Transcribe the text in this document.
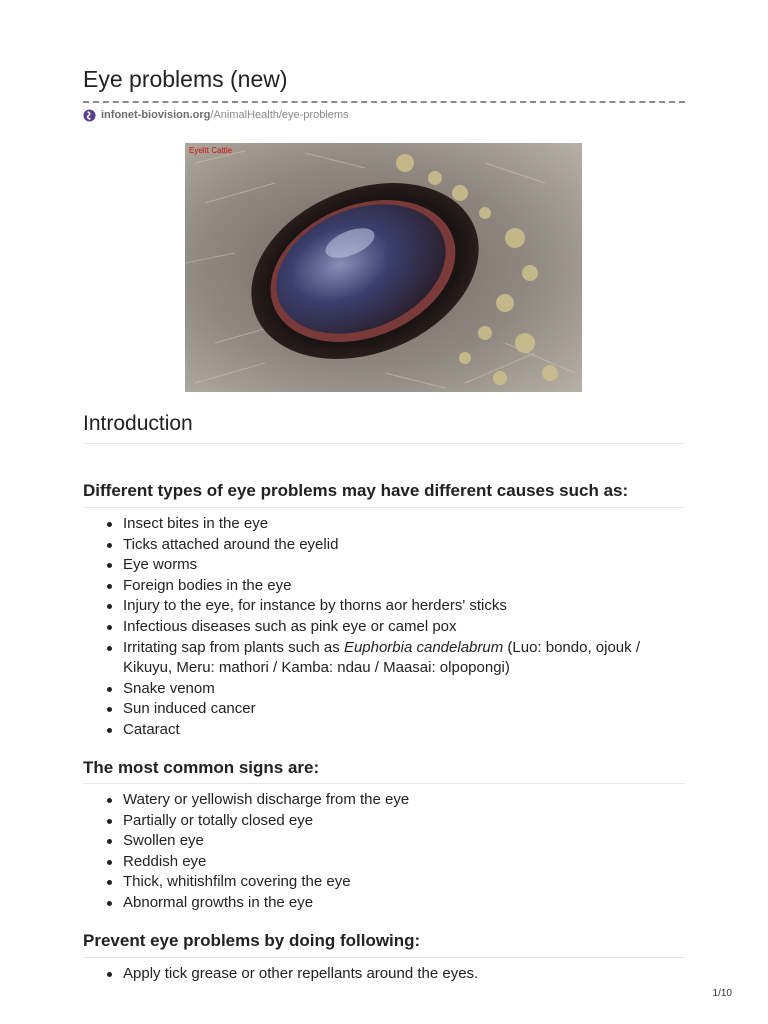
Eye problems (new)
infonet-biovision.org /AnimalHealth/eye-problems
Eyeltt Cattle
Introduction
Different types of eye problems may have different causes such as:
Insect bites in the eye
Ticks attached around the eyelid
Eye worms
Foreign bodies in the eye
Injury to the eye, for instance by thorns aor herders' sticks
Infectious diseases such as pink eye or camel pox
Irritating sap from plants such as Euphorbia candelabrum (Luo: bondo, ojouk / Kikuyu, Meru: mathori / Kamba: ndau / Maasai: olpopongi)
Snake venom
Sun induced cancer
Cataract
The most common signs are:
Watery or yellowish discharge from the eye
Partially or totally closed eye
Swollen eye
Reddish eye
Thick, whitishfilm covering the eye
Abnormal growths in the eye
Prevent eye problems by doing following:
Apply tick grease or other repellants around the eyes.
1/10
